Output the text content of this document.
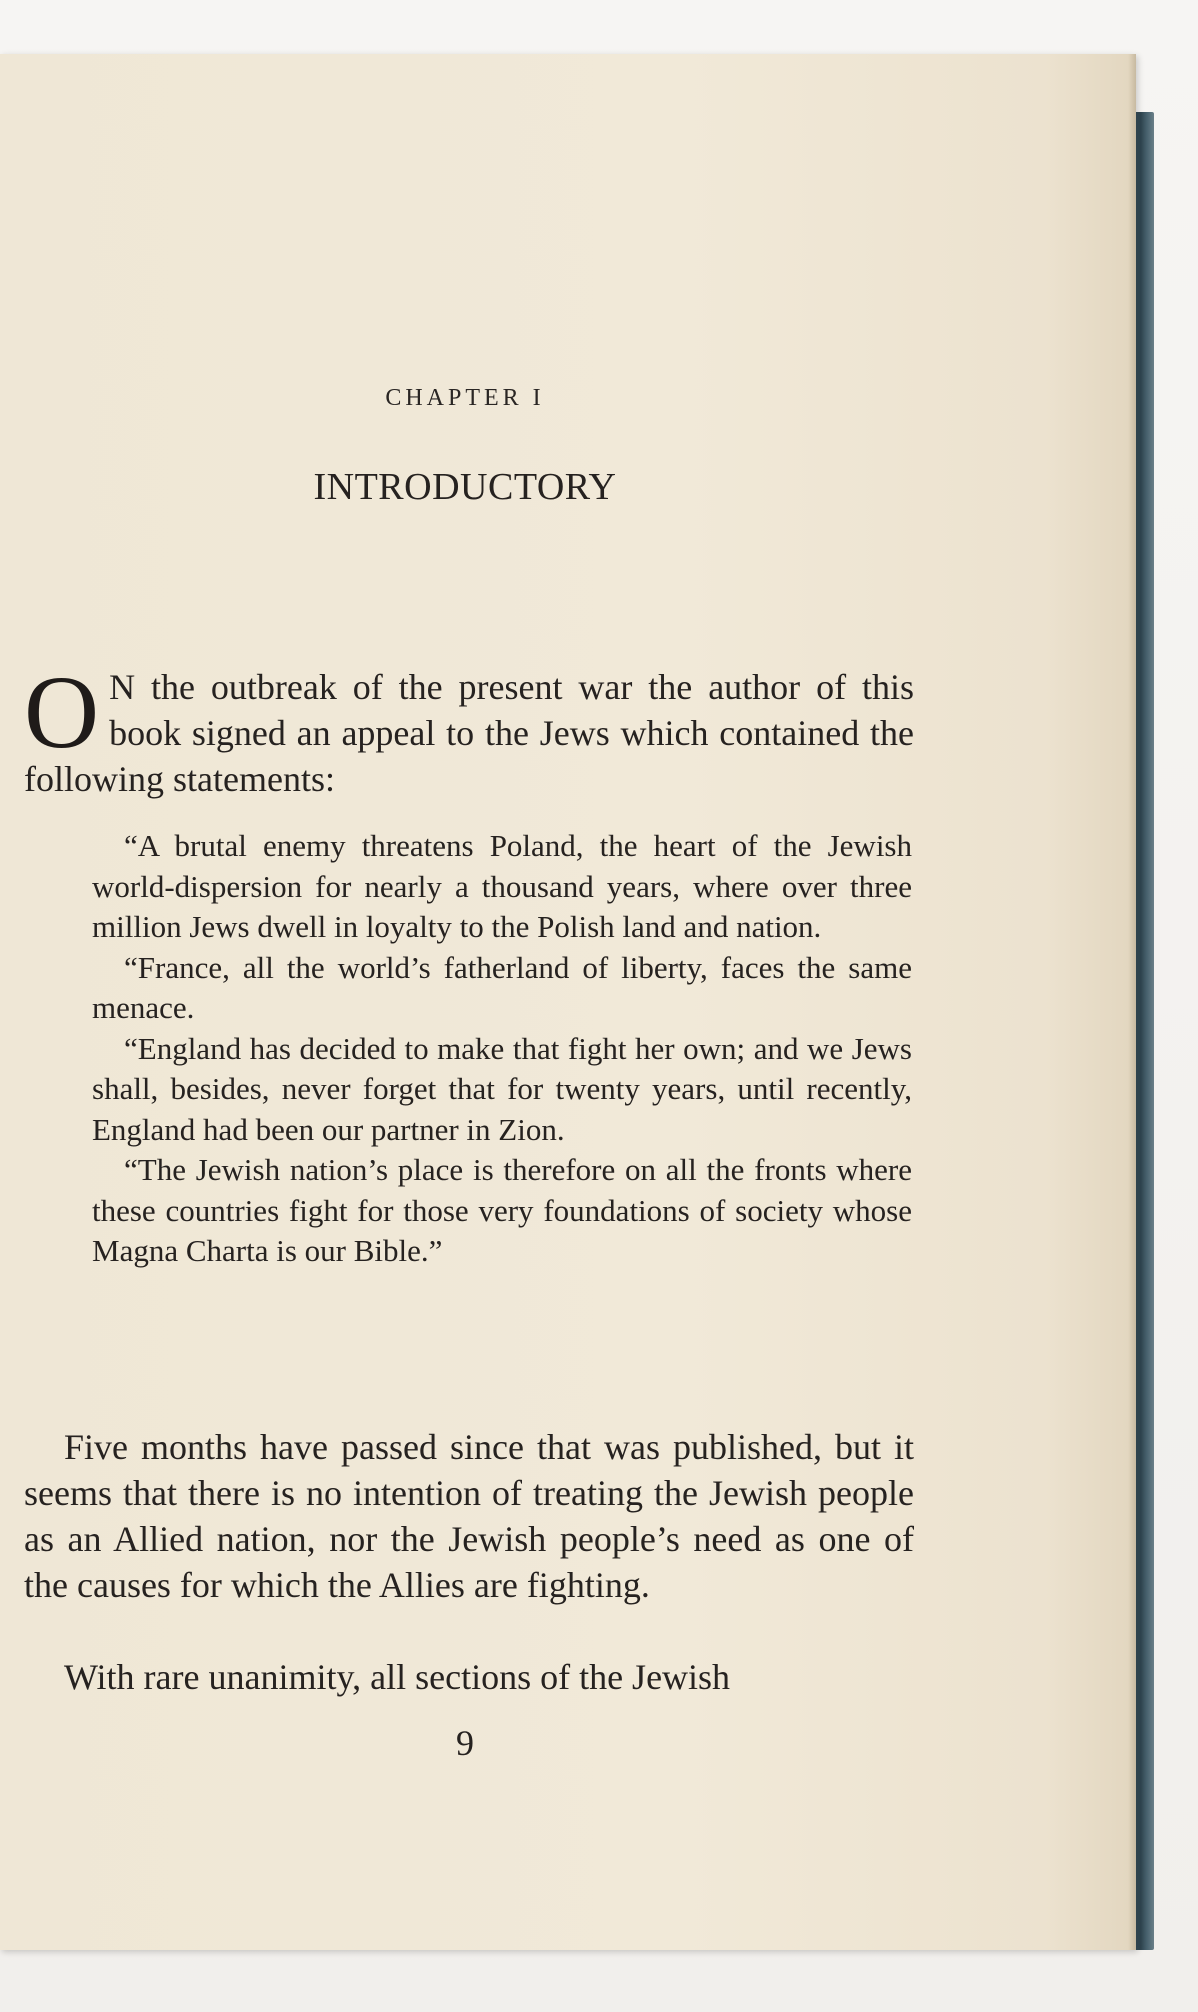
CHAPTER I
INTRODUCTORY
O N the outbreak of the present war the author of this book signed an appeal to the Jews which contained the following statements:

“A brutal enemy threatens Poland, the heart of the Jewish world-dispersion for nearly a thousand years, where over three million Jews dwell in loyalty to the Polish land and nation.

“France, all the world’s fatherland of liberty, faces the same menace.

“England has decided to make that fight her own; and we Jews shall, besides, never forget that for twenty years, until recently, England had been our partner in Zion.

“The Jewish nation’s place is therefore on all the fronts where these countries fight for those very foundations of society whose Magna Charta is our Bible.”

Five months have passed since that was published, but it seems that there is no intention of treating the Jewish people as an Allied nation, nor the Jewish people’s need as one of the causes for which the Allies are fighting.
With rare unanimity, all sections of the Jewish
9
